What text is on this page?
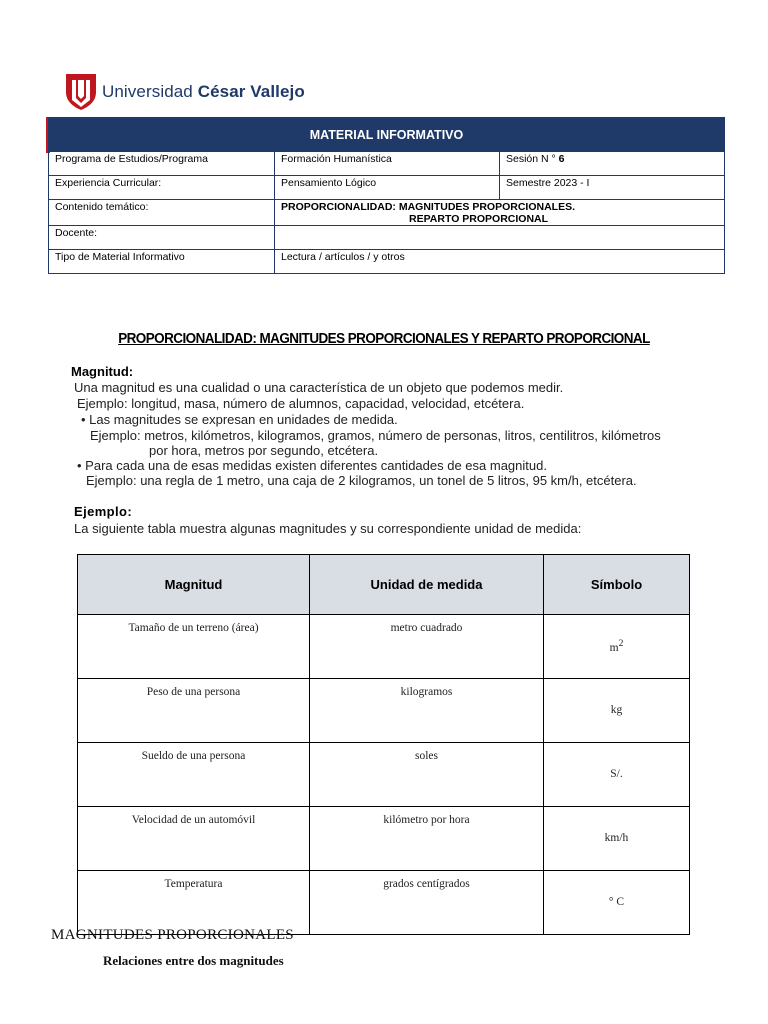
Universidad César Vallejo
MATERIAL INFORMATIVO		
Programa de Estudios/Programa	Formación Humanística	Sesión N ° 6
Experiencia Curricular:	Pensamiento Lógico	Semestre 2023 - I
Contenido temático:	PROPORCIONALIDAD: MAGNITUDES PROPORCIONALES.
REPARTO PROPORCIONAL	

Docente:		
Tipo de Material Informativo	Lectura / artículos / y otros	
PROPORCIONALIDAD: MAGNITUDES PROPORCIONALES Y REPARTO PROPORCIONAL
Magnitud:
Una magnitud es una cualidad o una característica de un objeto que podemos medir.
Ejemplo: longitud, masa, número de alumnos, capacidad, velocidad, etcétera.
• Las magnitudes se expresan en unidades de medida.
Ejemplo: metros, kilómetros, kilogramos, gramos, número de personas, litros, centilitros, kilómetros
por hora, metros por segundo, etcétera.
• Para cada una de esas medidas existen diferentes cantidades de esa magnitud.
Ejemplo: una regla de 1 metro, una caja de 2 kilogramos, un tonel de 5 litros, 95 km/h, etcétera.
Ejemplo:
La siguiente tabla muestra algunas magnitudes y su correspondiente unidad de medida:
Magnitud	Unidad de medida	Símbolo
Tamaño de un terreno (área)	metro cuadrado	$m^2$
Peso de una persona	kilogramos	kg
Sueldo de una persona	soles	S/.
Velocidad de un automóvil	kilómetro por hora	km/h
Temperatura	grados centígrados	° C
MAGNITUDES PROPORCIONALES
Relaciones entre dos magnitudes
